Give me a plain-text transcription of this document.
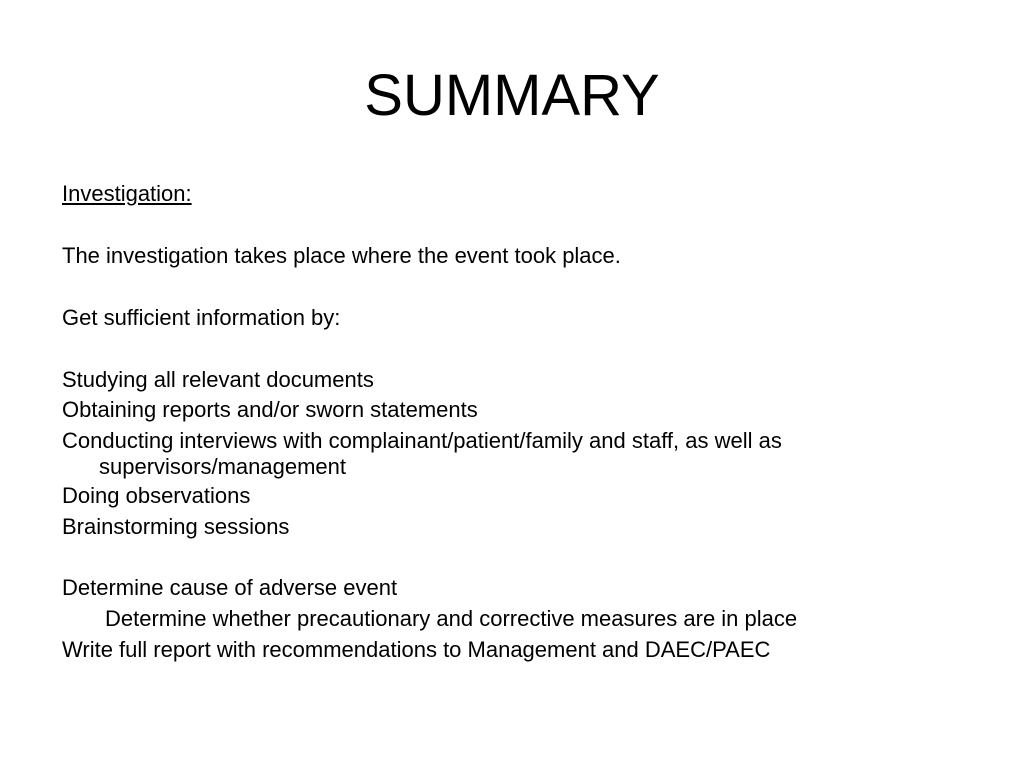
SUMMARY

Investigation:

The investigation takes place where the event took place.

Get sufficient information by:

Studying all relevant documents

Obtaining reports and/or sworn statements

Conducting interviews with complainant/patient/family and staff, as well as
supervisors/management

Doing observations

Brainstorming sessions

Determine cause of adverse event

Determine whether precautionary and corrective measures are in place

Write full report with recommendations to Management and DAEC/PAEC
